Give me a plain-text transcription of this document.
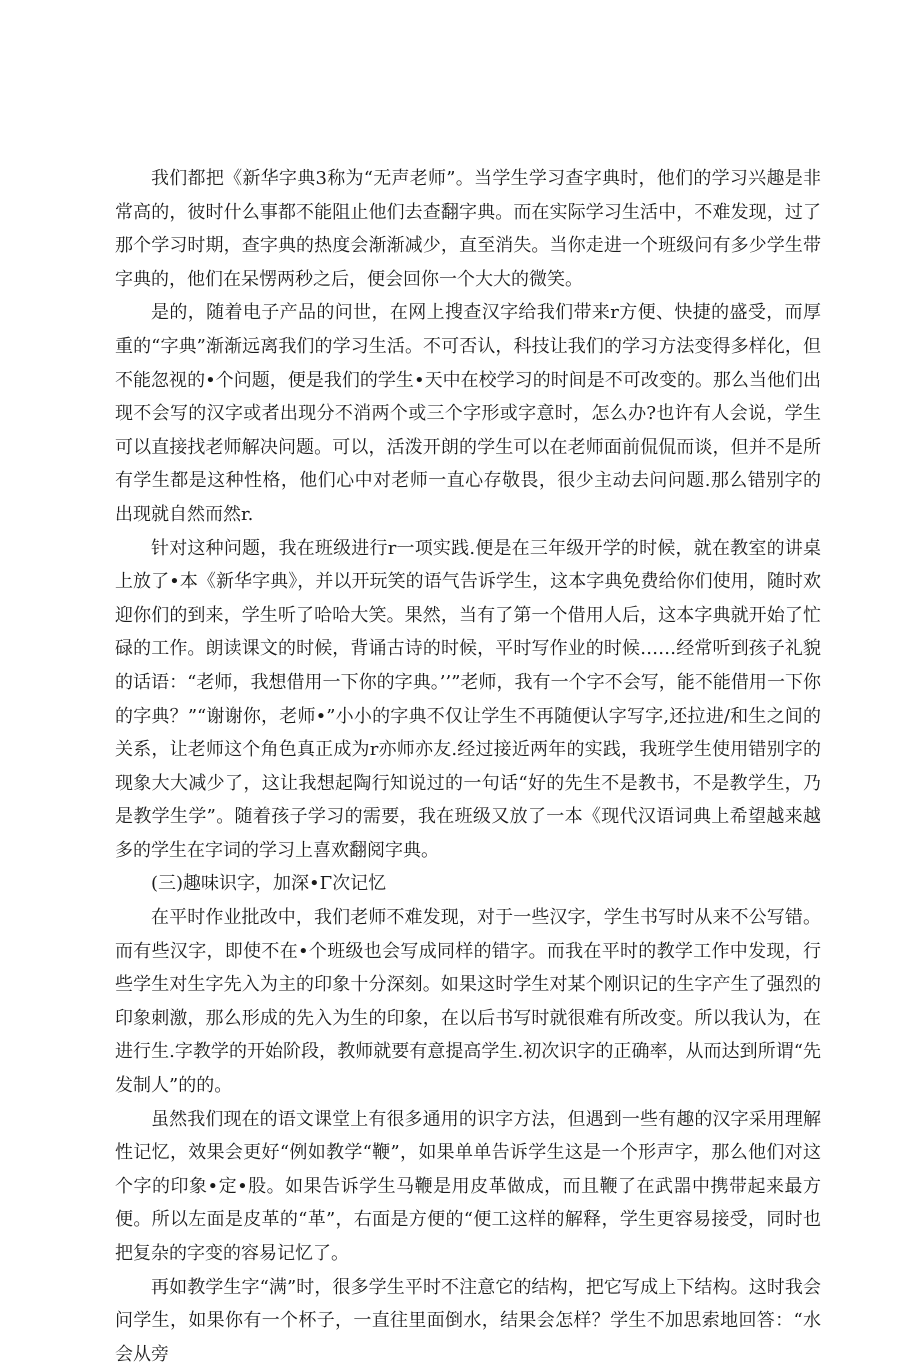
我们都把《新华字典3称为“无声老师”。当学生学习查字典时，他们的学习兴趣是非常高的，彼时什么事都不能阻止他们去查翻字典。而在实际学习生活中，不难发现，过了那个学习时期，查字典的热度会渐渐减少，直至消失。当你走进一个班级问有多少学生带字典的，他们在呆愣两秒之后，便会回你一个大大的微笑。

是的，随着电子产品的问世，在网上搜查汉字给我们带来r方便、快捷的盛受，而厚重的“字典”渐渐远离我们的学习生活。不可否认，科技让我们的学习方法变得多样化，但不能忽视的•个问题，便是我们的学生•天中在校学习的时间是不可改变的。那么当他们出现不会写的汉字或者出现分不消两个或三个字形或字意时，怎么办?也许有人会说，学生可以直接找老师解决问题。可以，活泼开朗的学生可以在老师面前侃侃而谈，但并不是所有学生都是这种性格，他们心中对老师一直心存敬畏，很少主动去问问题.那么错别字的出现就自然而然r.

针对这种问题，我在班级进行r一项实践.便是在三年级开学的时候，就在教室的讲桌上放了•本《新华字典》，并以开玩笑的语气告诉学生，这本字典免费给你们使用，随时欢迎你们的到来，学生听了哈哈大笑。果然，当有了第一个借用人后，这本字典就开始了忙碌的工作。朗读课文的时候，背诵古诗的时候，平时写作业的时候……经常听到孩子礼貌的话语：“老师，我想借用一下你的字典。’’”老师，我有一个字不会写，能不能借用一下你的字典？”“谢谢你，老师•”小小的字典不仅让学生不再随便认字写字,还拉进/和生之间的关系，让老师这个角色真正成为r亦师亦友.经过接近两年的实践，我班学生使用错别字的现象大大减少了，这让我想起陶行知说过的一句话“好的先生不是教书，不是教学生，乃是教学生学”。随着孩子学习的需要，我在班级又放了一本《现代汉语词典上希望越来越多的学生在字词的学习上喜欢翻阅字典。

(三)趣味识字，加深•Γ次记忆

在平时作业批改中，我们老师不难发现，对于一些汉字，学生书写时从来不公写错。而有些汉字，即使不在•个班级也会写成同样的错字。而我在平时的教学工作中发现，行些学生对生字先入为主的印象十分深刻。如果这时学生对某个刚识记的生字产生了强烈的印象刺激，那么形成的先入为生的印象，在以后书写时就很难有所改变。所以我认为，在进行生.字教学的开始阶段，教师就要有意提高学生.初次识字的正确率，从而达到所谓“先发制人”的的。

虽然我们现在的语文课堂上有很多通用的识字方法，但遇到一些有趣的汉字采用理解性记忆，效果会更好“例如教学“鞭”，如果单单告诉学生这是一个形声字，那么他们对这个字的印象•定•股。如果告诉学生马鞭是用皮革做成，而且鞭了在武噐中携带起来最方便。所以左面是皮革的“革”，右面是方便的“便工这样的解释，学生更容易接受，同时也把复杂的字变的容易记忆了。

再如教学生字“满”时，很多学生平时不注意它的结构，把它写成上下结构。这时我会问学生，如果你有一个杯子，一直往里面倒水，结果会怎样？学生不加思索地回答：“水会从旁
